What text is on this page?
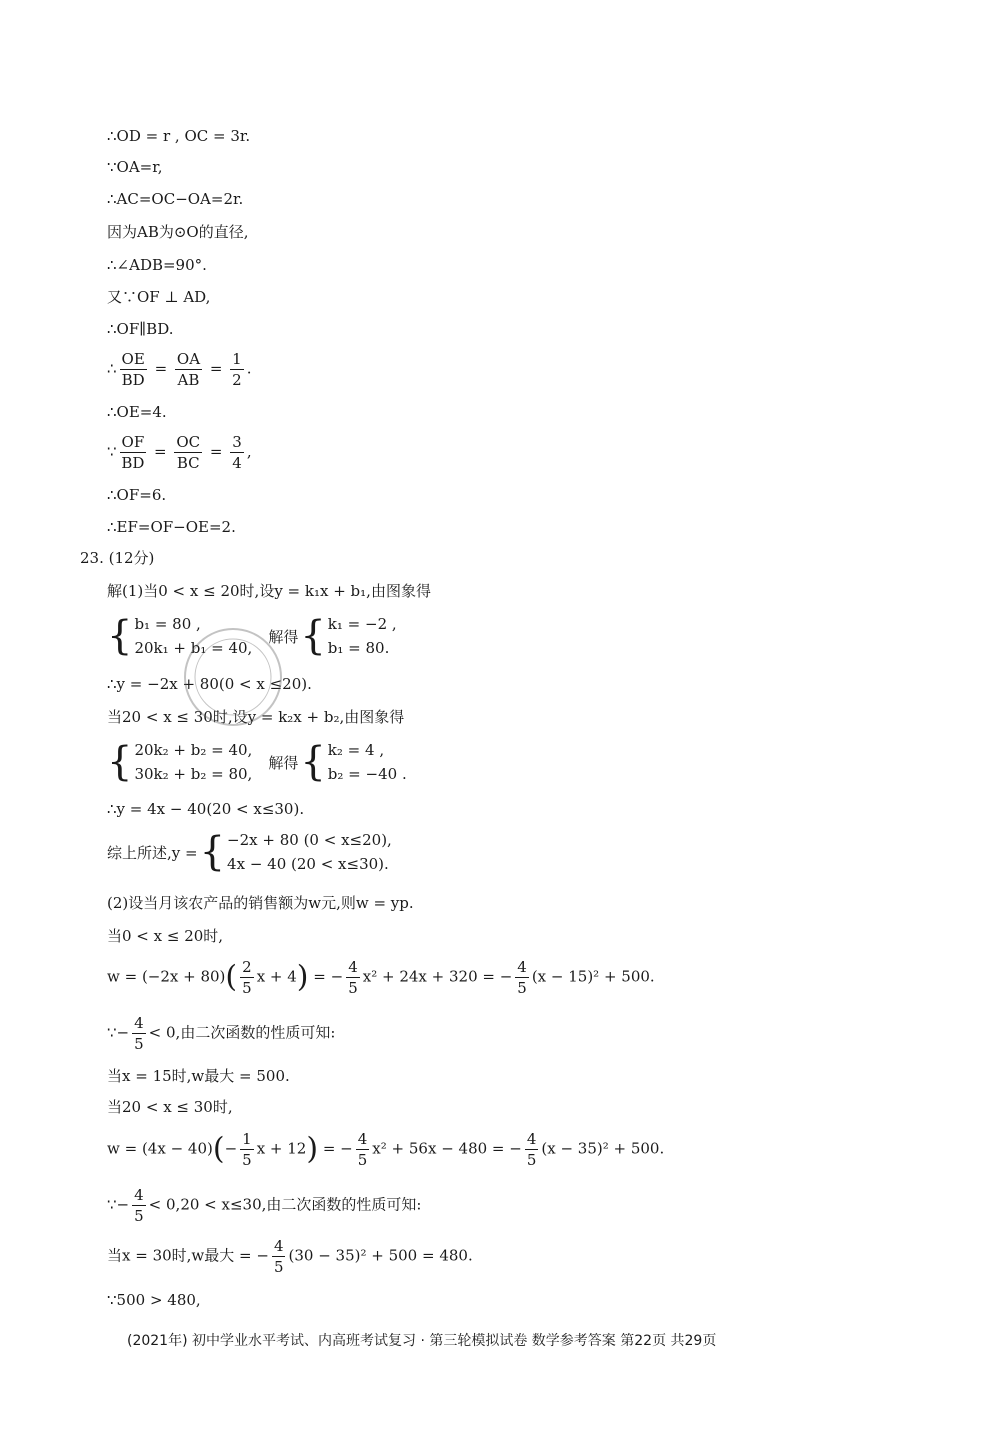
∴OD = r , OC = 3r.
∵OA=r,
∴AC=OC−OA=2r.
因为AB为⊙O的直径,
∴∠ADB=90°.
又∵OF ⊥ AD,
∴OF∥BD.
∴ $\frac{OE}{BD} = \frac{OA}{AB} = \frac{1}{2}$ .
∴OE=4.
∵ $\frac{OF}{BD} = \frac{OC}{BC} = \frac{3}{4}$ ,
∴OF=6.
∴EF=OF−OE=2.
23. (12分)
解(1)当0 < x ≤ 20时,设y = k₁x + b₁,由图象得
{ b₁ = 80 ,
20k₁ + b₁ = 40,
解得{ k₁ = −2 ,
b₁ = 80.
∴y = −2x + 80(0 < x ≤20).
当20 < x ≤ 30时,设y = k₂x + b₂,由图象得
{ 20k₂ + b₂ = 40,
30k₂ + b₂ = 80,
解得{ k₂ = 4 ,
b₂ = −40 .
∴y = 4x − 40(20 < x≤30).
综上所述,y ={ −2x + 80 (0 < x≤20),
4x − 40 (20 < x≤30).
(2)设当月该农产品的销售额为w元,则w = yp.
当0 < x ≤ 20时,
$w = (-2x + 80)( \frac{2}{5}$ x + 4) = − $\frac{4}{5} x^2 + 24x + 320$ = − $\frac{4}{5} (x - 15)^2 + 500$.
∵− $\frac{4}{5} < 0$,由二次函数的性质可知:
当x = 15时,w最大 = 500.
当20 < x ≤ 30时,
$w = (4x - 40)(- \frac{1}{5}$ x + 12) = − $\frac{4}{5} x^2 + 56x - 480$ = − $\frac{4}{5} (x - 35)^2 + 500$.
∵− $\frac{4}{5} < 0,20 < x\le 30$,由二次函数的性质可知:
当x = 30时,w最大 = − $\frac{4}{5} (30 - 35)^2 + 500 = 480$.
∵500 > 480,
(2021年) 初中学业水平考试、内高班考试复习 · 第三轮模拟试卷 数学参考答案 第22页 共29页
